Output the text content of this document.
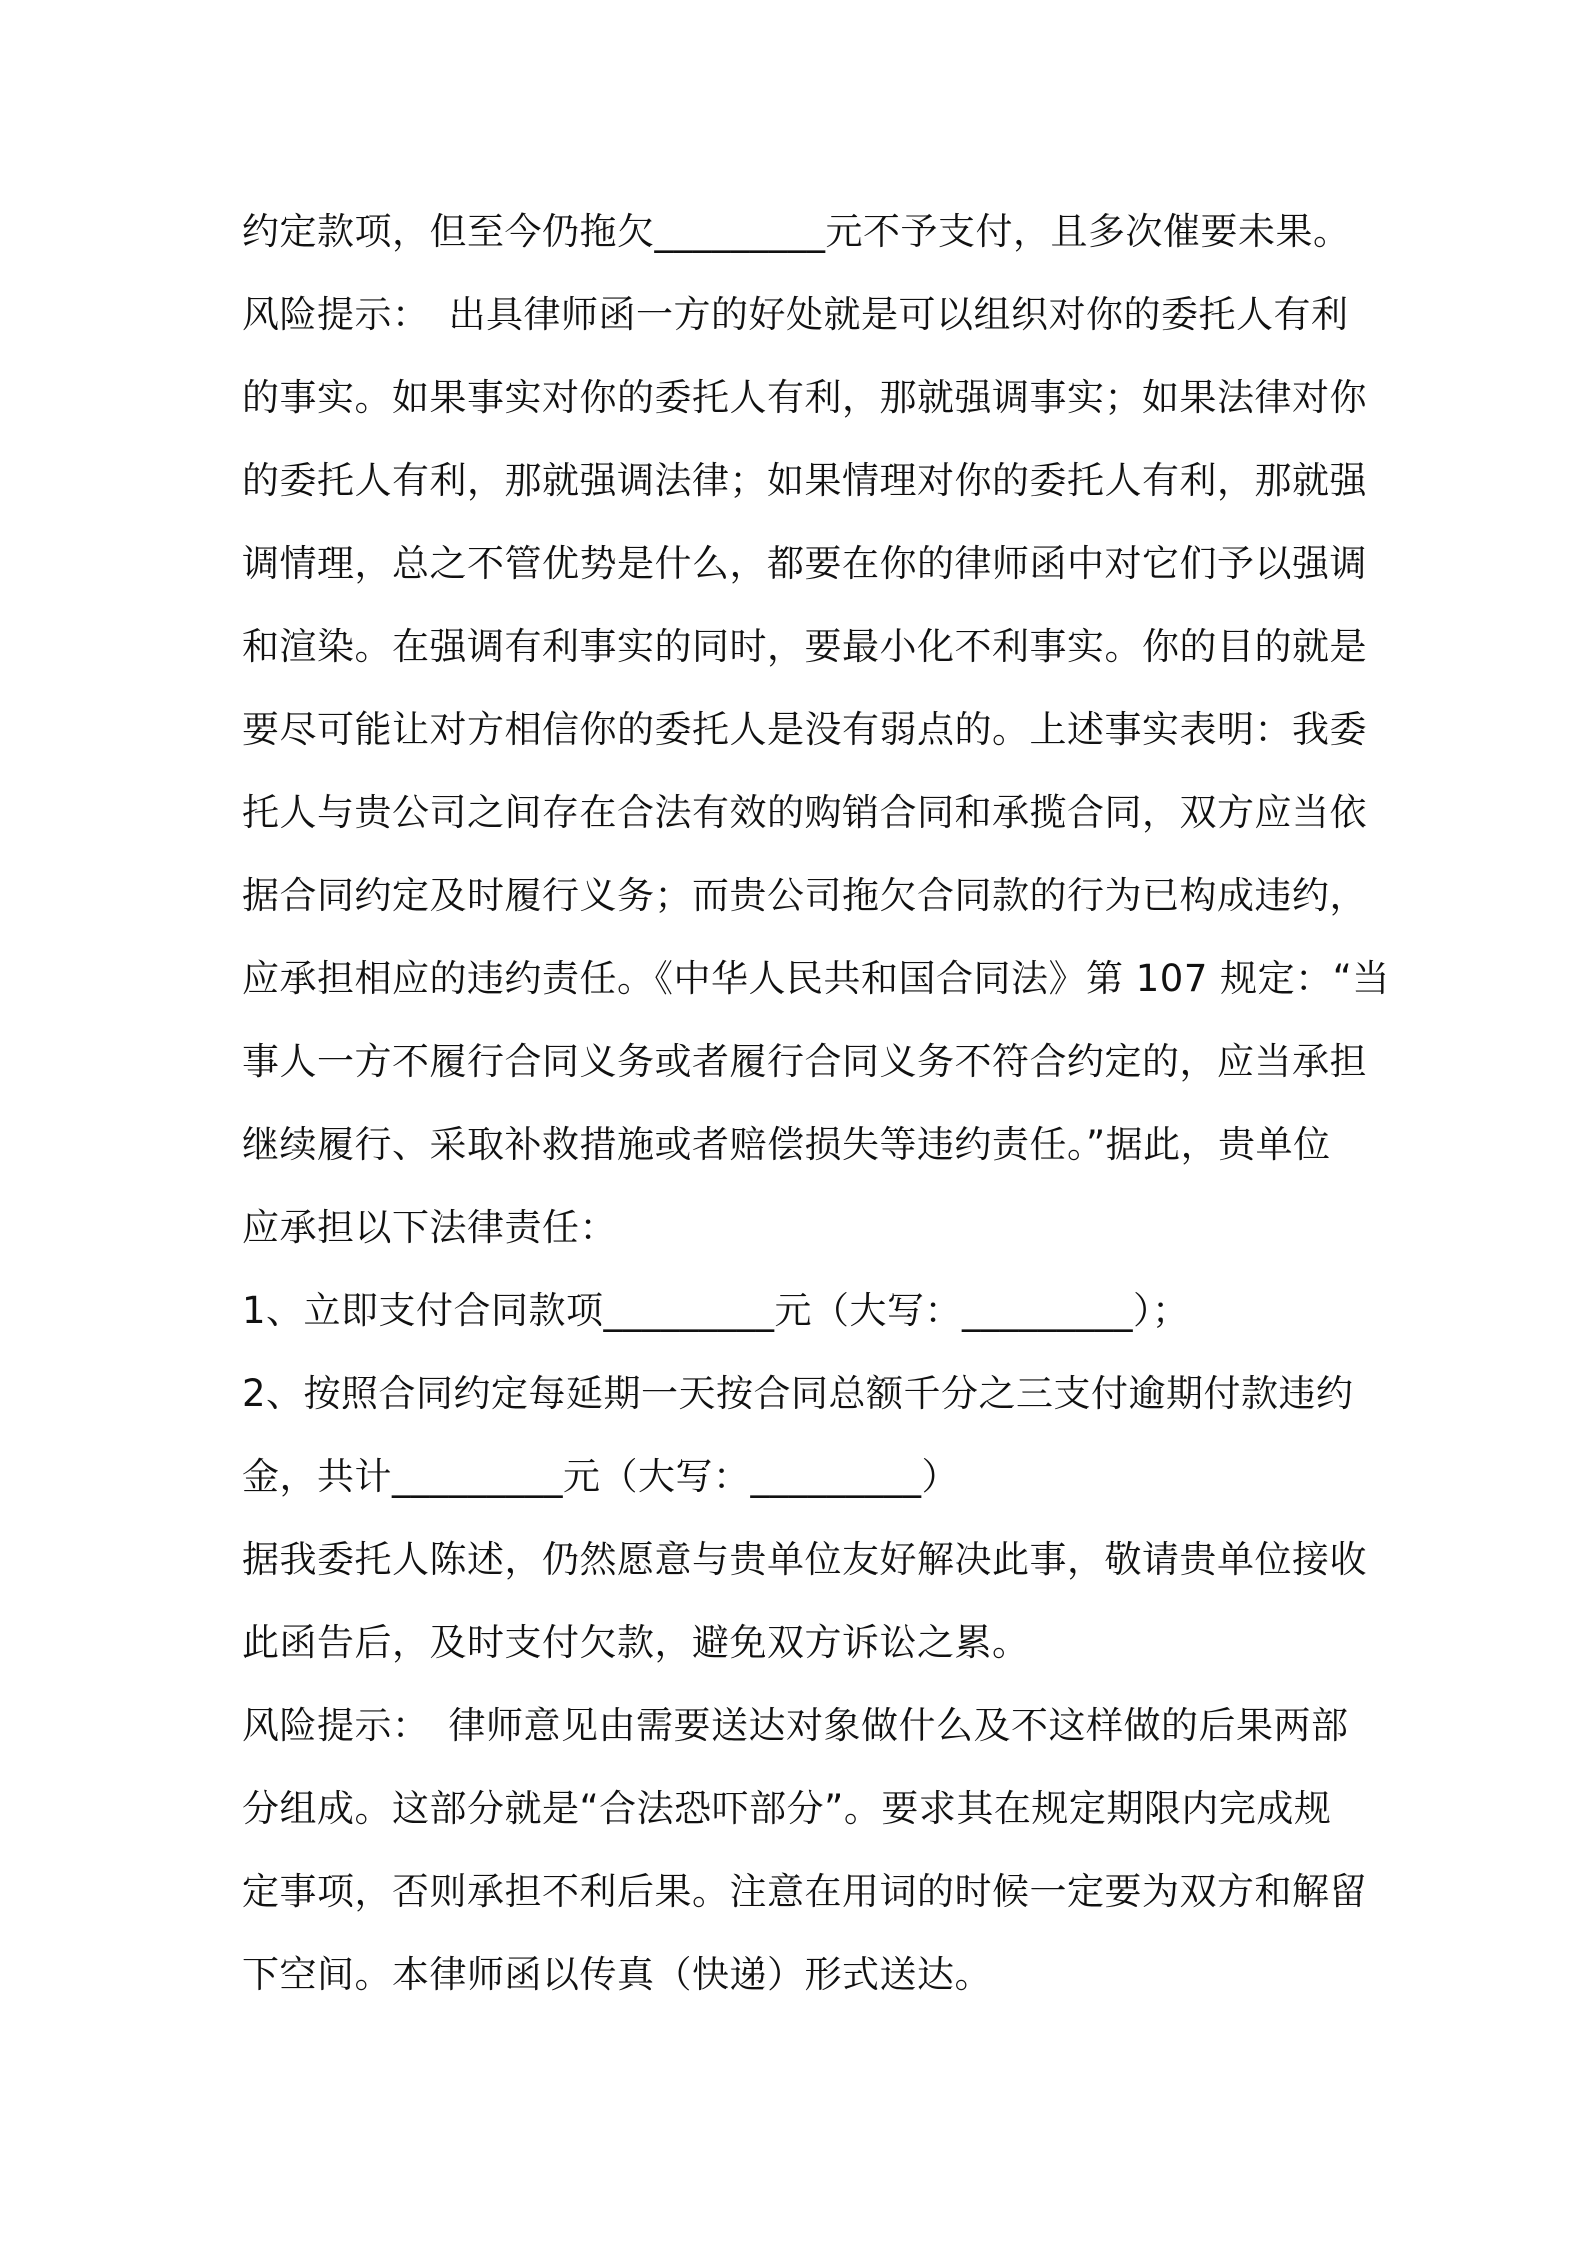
约定款项，但至今仍拖欠_________元不予支付，且多次催要未果。
风险提示：　出具律师函一方的好处就是可以组织对你的委托人有利
的事实。如果事实对你的委托人有利，那就强调事实；如果法律对你
的委托人有利，那就强调法律；如果情理对你的委托人有利，那就强
调情理，总之不管优势是什么，都要在你的律师函中对它们予以强调
和渲染。在强调有利事实的同时，要最小化不利事实。你的目的就是
要尽可能让对方相信你的委托人是没有弱点的。上述事实表明：我委
托人与贵公司之间存在合法有效的购销合同和承揽合同，双方应当依
据合同约定及时履行义务；而贵公司拖欠合同款的行为已构成违约，
应承担相应的违约责任。《中华人民共和国合同法》第 107 规定：“当
事人一方不履行合同义务或者履行合同义务不符合约定的，应当承担
继续履行、采取补救措施或者赔偿损失等违约责任。”据此，贵单位
应承担以下法律责任：
1、立即支付合同款项_________元（大写：_________）；
2、按照合同约定每延期一天按合同总额千分之三支付逾期付款违约
金，共计_________元（大写：_________）
据我委托人陈述，仍然愿意与贵单位友好解决此事，敬请贵单位接收
此函告后，及时支付欠款，避免双方诉讼之累。
风险提示：　律师意见由需要送达对象做什么及不这样做的后果两部
分组成。这部分就是“合法恐吓部分”。要求其在规定期限内完成规
定事项，否则承担不利后果。注意在用词的时候一定要为双方和解留
下空间。本律师函以传真（快递）形式送达。
